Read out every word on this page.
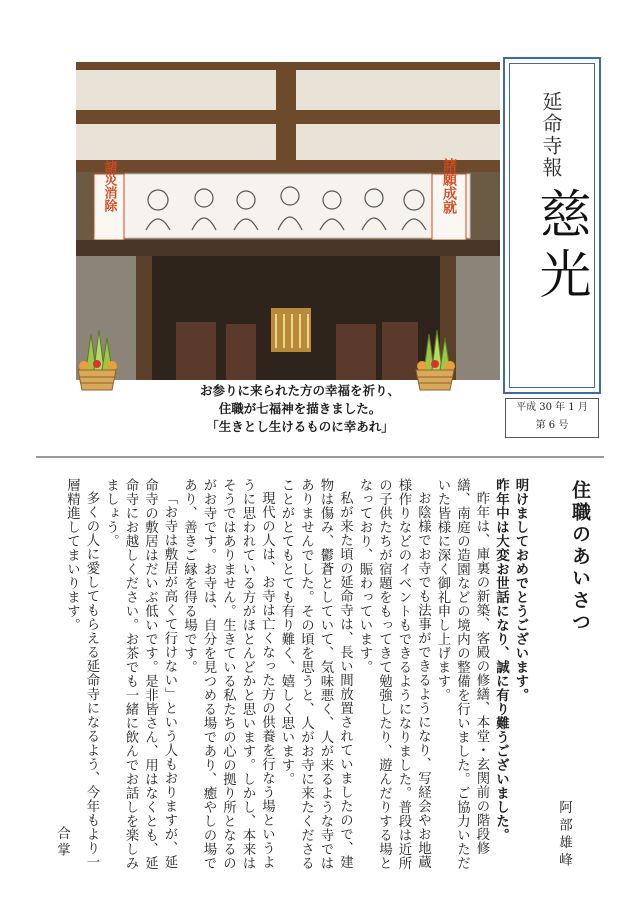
諸災消除	諸願成就
延命寺報
慈光
平成 30 年 1 月
第 6 号
お参りに来られた方の幸福を祈り、
住職が七福神を描きました。
「生きとし生けるものに幸あれ」
住職のあいさつ
阿部雄峰
明けましておめでとうございます。
昨年中は大変お世話になり、誠に有り難うございました。
昨年は、庫裏の新築、客殿の修繕、本堂・玄関前の階段修繕、南庭の造園などの境内の整備を行いました。ご協力いただいた皆様に深く御礼申し上げます。
お陰様でお寺でも法事ができるようになり、写経会やお地蔵様作りなどのイベントもできるようになりました。普段は近所の子供たちが宿題をもってきて勉強したり、遊んだりする場となっており、賑わっています。
私が来た頃の延命寺は、長い間放置されていましたので、建物は傷み、鬱蒼としていて、気味悪く、人が来るような寺ではありませんでした。その頃を思うと、人がお寺に来たくださることがとてもとても有り難く、嬉しく思います。
現代の人は、お寺は亡くなった方の供養を行なう場というように思われている方がほとんどかと思います。しかし、本来はそうではありません。生きている私たちの心の拠り所となるのがお寺です。お寺は、自分を見つめる場であり、癒やしの場であり、善きご縁を得る場です。
「お寺は敷居が高くて行けない」という人もおりますが、延命寺の敷居はだいぶ低いです。是非皆さん、用はなくとも、延命寺にお越しください。お茶でも一緒に飲んでお話しを楽しみましょう。
多くの人に愛してもらえる延命寺になるよう、今年もより一層精進してまいります。
合掌
